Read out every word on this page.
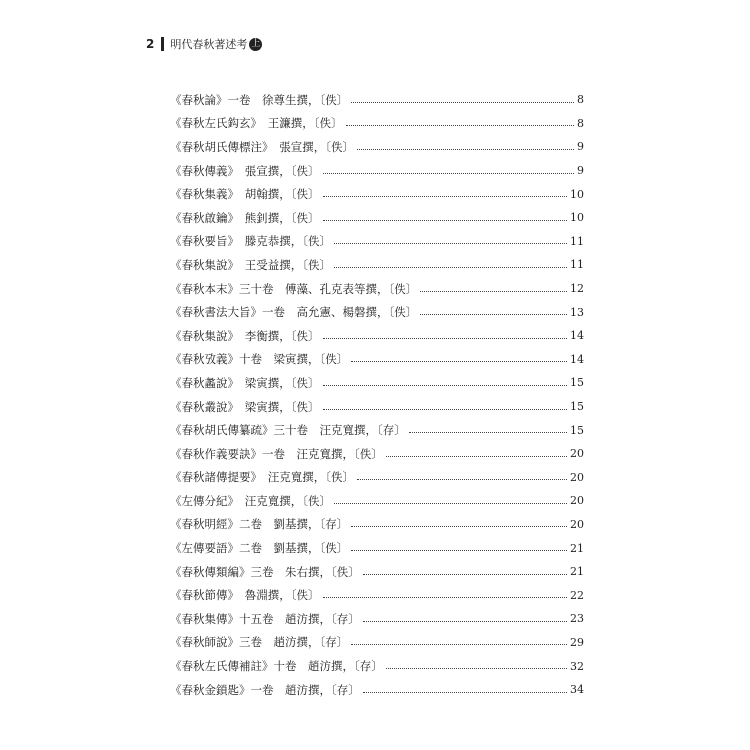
2 明代春秋著述考 上
《春秋論》一卷　徐尊生撰，〔佚〕	8
《春秋左氏鈎玄》　王濂撰，〔佚〕	8
《春秋胡氏傳標注》　張宣撰，〔佚〕	9
《春秋傳義》　張宣撰，〔佚〕	9
《春秋集義》　胡翰撰，〔佚〕	10
《春秋啟鑰》　熊釗撰，〔佚〕	10
《春秋要旨》　滕克恭撰，〔佚〕	11
《春秋集說》　王受益撰，〔佚〕	11
《春秋本末》三十卷　傅藻、孔克表等撰，〔佚〕	12
《春秋書法大旨》一卷　高允憲、楊磐撰，〔佚〕	13
《春秋集說》　李衡撰，〔佚〕	14
《春秋攷義》十卷　梁寅撰，〔佚〕	14
《春秋蠡說》　梁寅撰，〔佚〕	15
《春秋叢說》　梁寅撰，〔佚〕	15
《春秋胡氏傳纂疏》三十卷　汪克寬撰，〔存〕	15
《春秋作義要訣》一卷　汪克寬撰，〔佚〕	20
《春秋諸傳提要》　汪克寬撰，〔佚〕	20
《左傳分紀》　汪克寬撰，〔佚〕	20
《春秋明經》二卷　劉基撰，〔存〕	20
《左傳要語》二卷　劉基撰，〔佚〕	21
《春秋傳類編》三卷　朱右撰，〔佚〕	21
《春秋節傳》　魯淵撰，〔佚〕	22
《春秋集傳》十五卷　趙汸撰，〔存〕	23
《春秋師說》三卷　趙汸撰，〔存〕	29
《春秋左氏傳補註》十卷　趙汸撰，〔存〕	32
《春秋金鎖匙》一卷　趙汸撰，〔存〕	34
